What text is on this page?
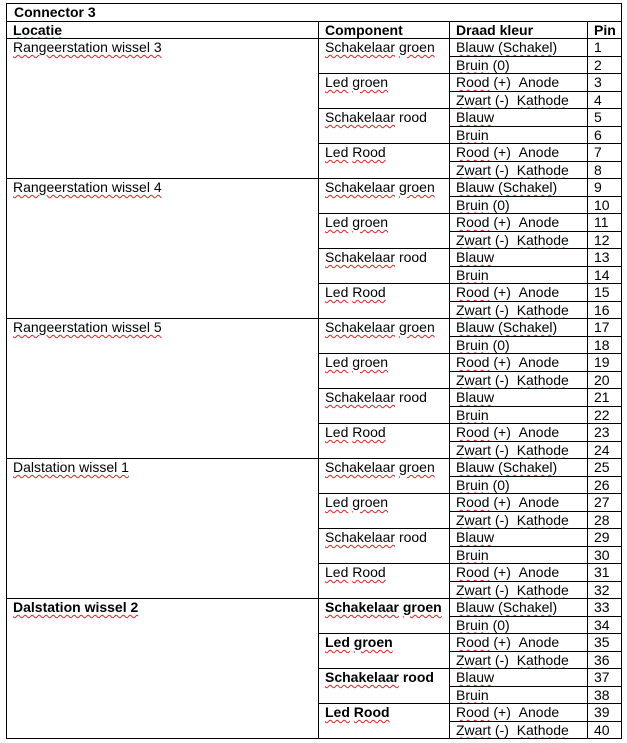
Connector 3			
Locatie	Component	Draad kleur	Pin
Rangeerstation wissel 3	Schakelaar groen	Blauw (Schakel)	1
		Bruin (0)	2
	Led groen	Rood (+) Anode	3
		Zwart (-) Kathode	4
	Schakelaar rood	Blauw	5
		Bruin	6
	Led Rood	Rood (+) Anode	7
		Zwart (-) Kathode	8
Rangeerstation wissel 4	Schakelaar groen	Blauw (Schakel)	9
		Bruin (0)	10
	Led groen	Rood (+) Anode	11
		Zwart (-) Kathode	12
	Schakelaar rood	Blauw	13
		Bruin	14
	Led Rood	Rood (+) Anode	15
		Zwart (-) Kathode	16
Rangeerstation wissel 5	Schakelaar groen	Blauw (Schakel)	17
		Bruin (0)	18
	Led groen	Rood (+) Anode	19
		Zwart (-) Kathode	20
	Schakelaar rood	Blauw	21
		Bruin	22
	Led Rood	Rood (+) Anode	23
		Zwart (-) Kathode	24
Dalstation wissel 1	Schakelaar groen	Blauw (Schakel)	25
		Bruin (0)	26
	Led groen	Rood (+) Anode	27
		Zwart (-) Kathode	28
	Schakelaar rood	Blauw	29
		Bruin	30
	Led Rood	Rood (+) Anode	31
		Zwart (-) Kathode	32
Dalstation wissel 2	Schakelaar groen	Blauw (Schakel)	33
		Bruin (0)	34
	Led groen	Rood (+) Anode	35
		Zwart (-) Kathode	36
	Schakelaar rood	Blauw	37
		Bruin	38
	Led Rood	Rood (+) Anode	39
		Zwart (-) Kathode	40
